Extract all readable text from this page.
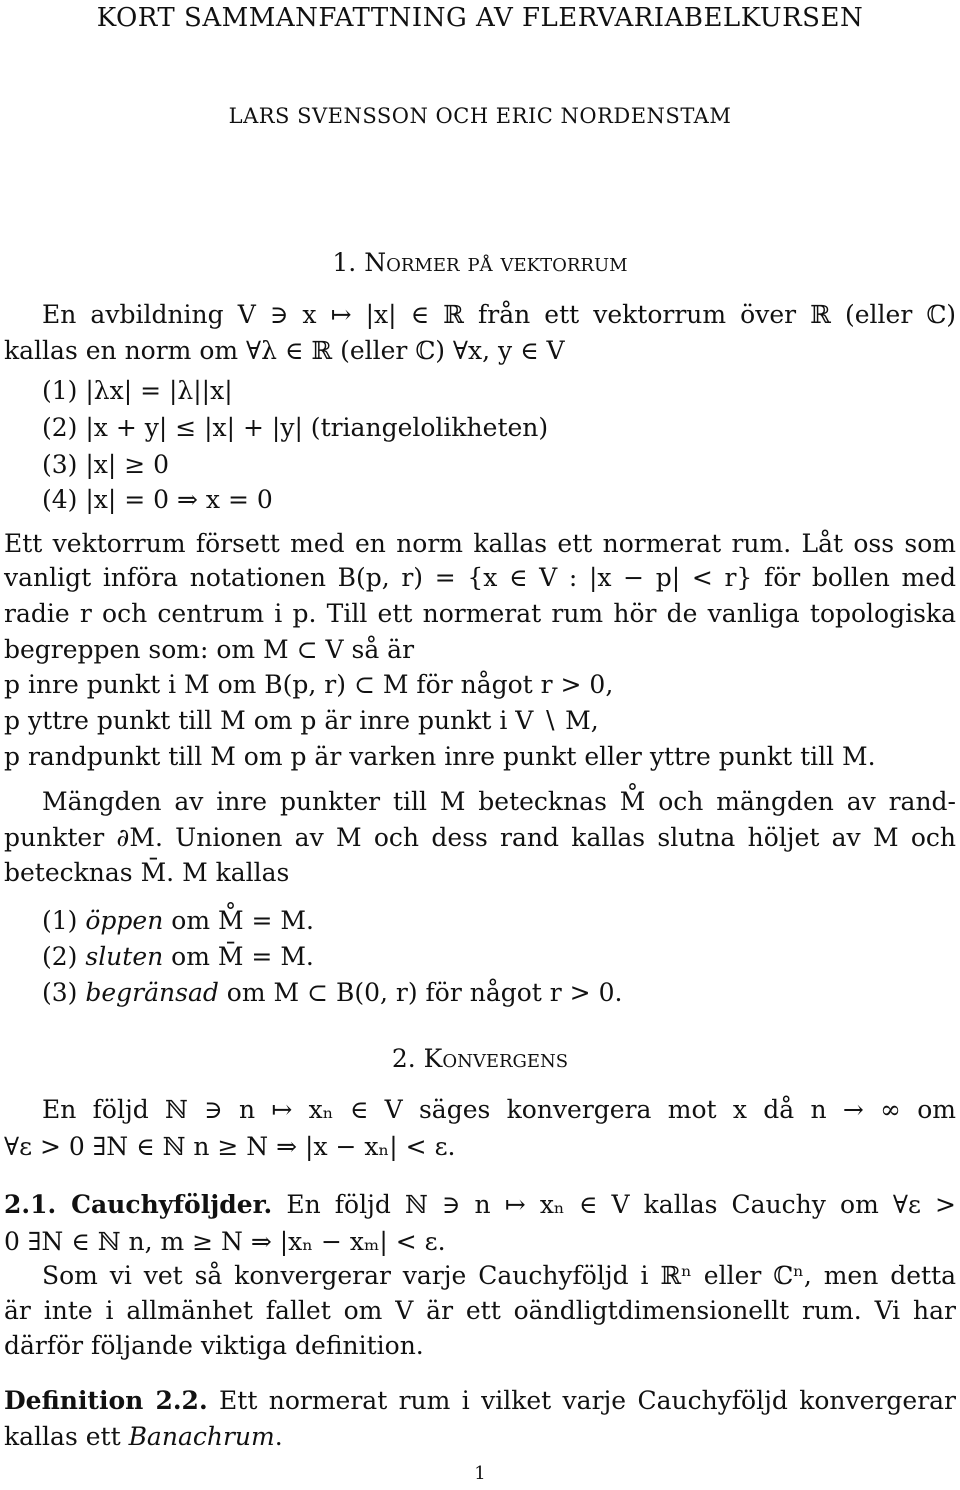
KORT SAMMANFATTNING AV FLERVARIABELKURSEN
LARS SVENSSON OCH ERIC NORDENSTAM
1. Normer på vektorrum
En avbildning V ∋ x ↦ |x| ∈ ℝ från ett vektorrum över ℝ (eller ℂ)
kallas en norm om ∀λ ∈ ℝ (eller ℂ) ∀x, y ∈ V
(1) |λx| = |λ||x|
(2) |x + y| ≤ |x| + |y| (triangelolikheten)
(3) |x| ≥ 0
(4) |x| = 0 ⇒ x = 0
Ett vektorrum försett med en norm kallas ett normerat rum. Låt oss som
vanligt införa notationen B(p, r) = {x ∈ V : |x − p| < r} för bollen med
radie r och centrum i p. Till ett normerat rum hör de vanliga topologiska
begreppen som: om M ⊂ V så är
p inre punkt i M om B(p, r) ⊂ M för något r > 0,
p yttre punkt till M om p är inre punkt i V ∖ M,
p randpunkt till M om p är varken inre punkt eller yttre punkt till M.
Mängden av inre punkter till M betecknas M̊ och mängden av rand-
punkter ∂M. Unionen av M och dess rand kallas slutna höljet av M och
betecknas M̄. M kallas
(1) öppen om M̊ = M.
(2) sluten om M̄ = M.
(3) begränsad om M ⊂ B(0, r) för något r > 0.
2. Konvergens
En följd ℕ ∋ n ↦ xₙ ∈ V säges konvergera mot x då n → ∞ om
∀ε > 0 ∃N ∈ ℕ n ≥ N ⇒ |x − xₙ| < ε.
2.1. Cauchyföljder. En följd ℕ ∋ n ↦ xₙ ∈ V kallas Cauchy om ∀ε >
0 ∃N ∈ ℕ n, m ≥ N ⇒ |xₙ − xₘ| < ε.
Som vi vet så konvergerar varje Cauchyföljd i ℝⁿ eller ℂⁿ, men detta
är inte i allmänhet fallet om V är ett oändligtdimensionellt rum. Vi har
därför följande viktiga definition.
Definition 2.2. Ett normerat rum i vilket varje Cauchyföljd konvergerar
kallas ett Banachrum.
1
